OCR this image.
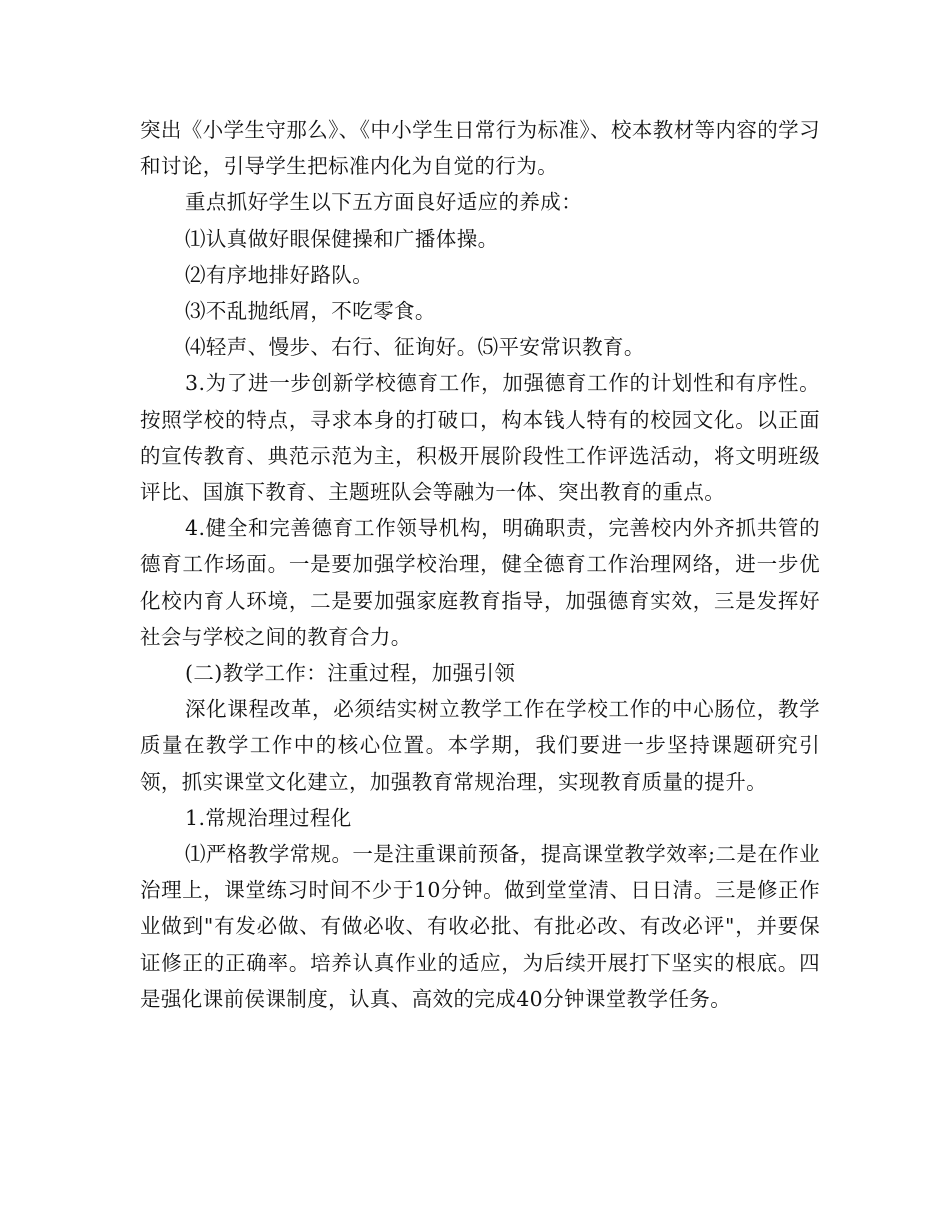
突出《小学生守那么》、《中小学生日常行为标准》、校本教材等内容的学习和讨论，引导学生把标准内化为自觉的行为。

重点抓好学生以下五方面良好适应的养成：

⑴认真做好眼保健操和广播体操。

⑵有序地排好路队。

⑶不乱抛纸屑，不吃零食。

⑷轻声、慢步、右行、征询好。⑸平安常识教育。

3.为了进一步创新学校德育工作，加强德育工作的计划性和有序性。按照学校的特点，寻求本身的打破口，构本钱人特有的校园文化。以正面的宣传教育、典范示范为主，积极开展阶段性工作评选活动，将文明班级评比、国旗下教育、主题班队会等融为一体、突出教育的重点。

4.健全和完善德育工作领导机构，明确职责，完善校内外齐抓共管的德育工作场面。一是要加强学校治理，健全德育工作治理网络，进一步优化校内育人环境，二是要加强家庭教育指导，加强德育实效，三是发挥好社会与学校之间的教育合力。

(二)教学工作：注重过程，加强引领

深化课程改革，必须结实树立教学工作在学校工作的中心肠位，教学质量在教学工作中的核心位置。本学期，我们要进一步坚持课题研究引领，抓实课堂文化建立，加强教育常规治理，实现教育质量的提升。

1.常规治理过程化

⑴严格教学常规。一是注重课前预备，提高课堂教学效率;二是在作业治理上，课堂练习时间不少于10分钟。做到堂堂清、日日清。三是修正作业做到"有发必做、有做必收、有收必批、有批必改、有改必评"，并要保证修正的正确率。培养认真作业的适应，为后续开展打下坚实的根底。四是强化课前侯课制度，认真、高效的完成40分钟课堂教学任务。
